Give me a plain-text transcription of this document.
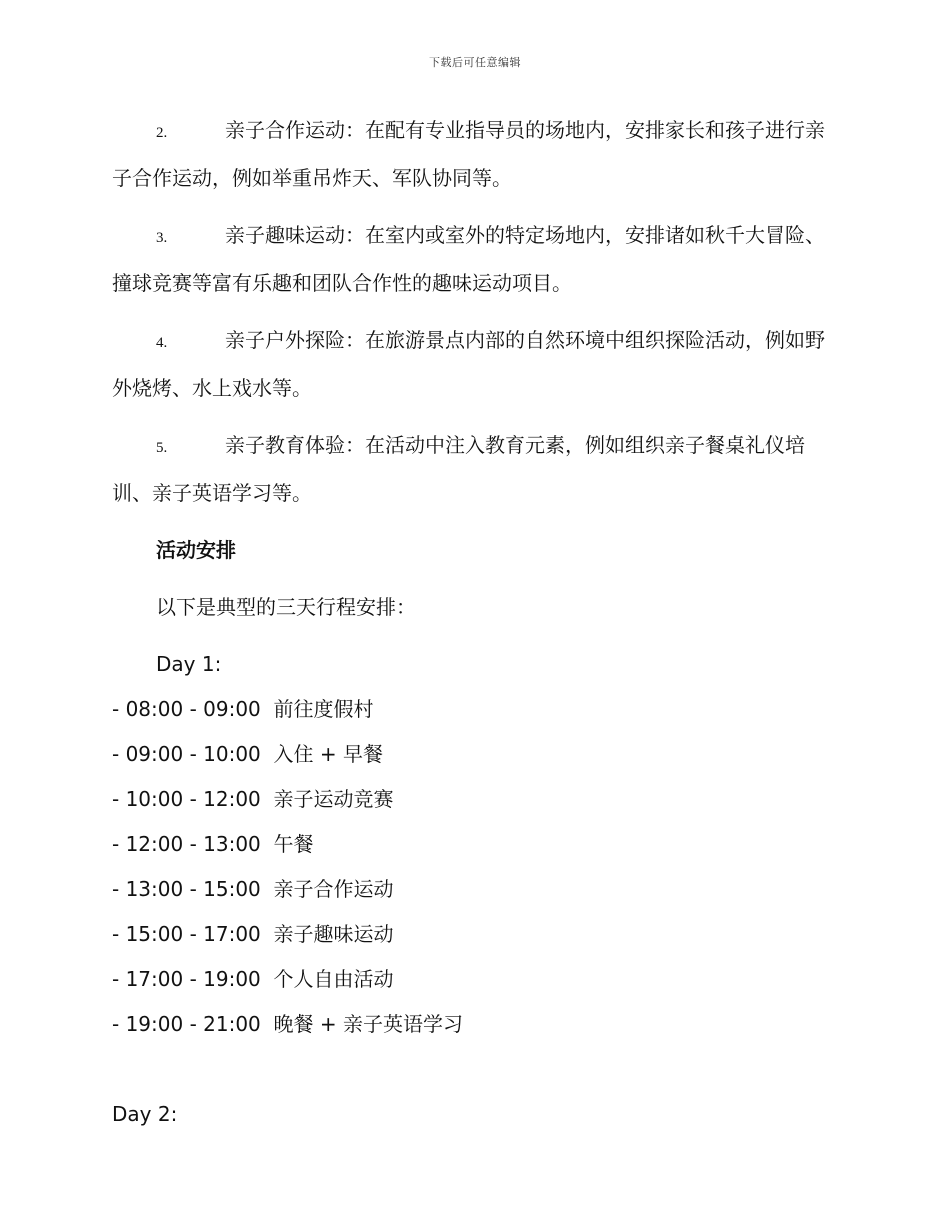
下载后可任意编辑

2.	亲子合作运动：在配有专业指导员的场地内，安排家长和孩子进行亲子合作运动，例如举重吊炸天、军队协同等。

3.	亲子趣味运动：在室内或室外的特定场地内，安排诸如秋千大冒险、撞球竞赛等富有乐趣和团队合作性的趣味运动项目。

4.	亲子户外探险：在旅游景点内部的自然环境中组织探险活动，例如野外烧烤、水上戏水等。

5.	亲子教育体验：在活动中注入教育元素，例如组织亲子餐桌礼仪培训、亲子英语学习等。

活动安排

以下是典型的三天行程安排：

Day 1:

- 08:00 - 09:00 前往度假村
- 09:00 - 10:00 入住 + 早餐
- 10:00 - 12:00 亲子运动竞赛
- 12:00 - 13:00 午餐
- 13:00 - 15:00 亲子合作运动
- 15:00 - 17:00 亲子趣味运动
- 17:00 - 19:00 个人自由活动
- 19:00 - 21:00 晚餐 + 亲子英语学习

Day 2:
